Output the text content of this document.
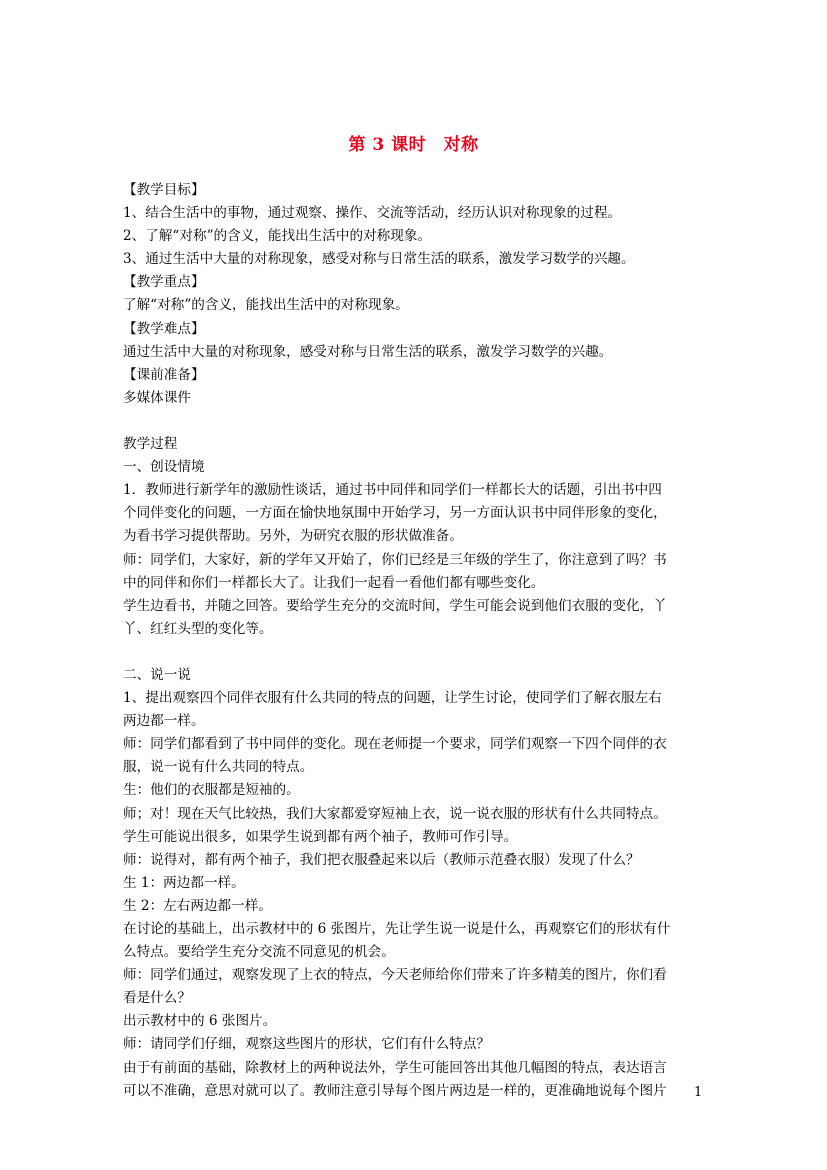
第 3 课时　对称

【教学目标】

1、结合生活中的事物，通过观察、操作、交流等活动，经历认识对称现象的过程。

2、了解“对称”的含义，能找出生活中的对称现象。

3、通过生活中大量的对称现象，感受对称与日常生活的联系，激发学习数学的兴趣。

【教学重点】

了解“对称”的含义，能找出生活中的对称现象。

【教学难点】

通过生活中大量的对称现象，感受对称与日常生活的联系，激发学习数学的兴趣。

【课前准备】

多媒体课件

教学过程

一、创设情境

1．教师进行新学年的激励性谈话，通过书中同伴和同学们一样都长大的话题，引出书中四

个同伴变化的问题，一方面在愉快地氛围中开始学习，另一方面认识书中同伴形象的变化，

为看书学习提供帮助。另外，为研究衣服的形状做准备。

师：同学们，大家好，新的学年又开始了，你们已经是三年级的学生了，你注意到了吗？书

中的同伴和你们一样都长大了。让我们一起看一看他们都有哪些变化。

学生边看书，并随之回答。要给学生充分的交流时间，学生可能会说到他们衣服的变化，丫

丫、红红头型的变化等。

二、说一说

1、提出观察四个同伴衣服有什么共同的特点的问题，让学生讨论，使同学们了解衣服左右

两边都一样。

师：同学们都看到了书中同伴的变化。现在老师提一个要求，同学们观察一下四个同伴的衣

服，说一说有什么共同的特点。

生：他们的衣服都是短袖的。

师；对！现在天气比较热，我们大家都爱穿短袖上衣，说一说衣服的形状有什么共同特点。

学生可能说出很多，如果学生说到都有两个袖子，教师可作引导。

师：说得对，都有两个袖子，我们把衣服叠起来以后（教师示范叠衣服）发现了什么？

生 1：两边都一样。

生 2：左右两边都一样。

在讨论的基础上，出示教材中的 6 张图片，先让学生说一说是什么，再观察它们的形状有什

么特点。要给学生充分交流不同意见的机会。

师：同学们通过，观察发现了上衣的特点，今天老师给你们带来了许多精美的图片，你们看

看是什么？

出示教材中的 6 张图片。

师：请同学们仔细，观察这些图片的形状，它们有什么特点？

由于有前面的基础，除教材上的两种说法外，学生可能回答出其他几幅图的特点，表达语言

可以不准确，意思对就可以了。教师注意引导每个图片两边是一样的，更准确地说每个图片	1
